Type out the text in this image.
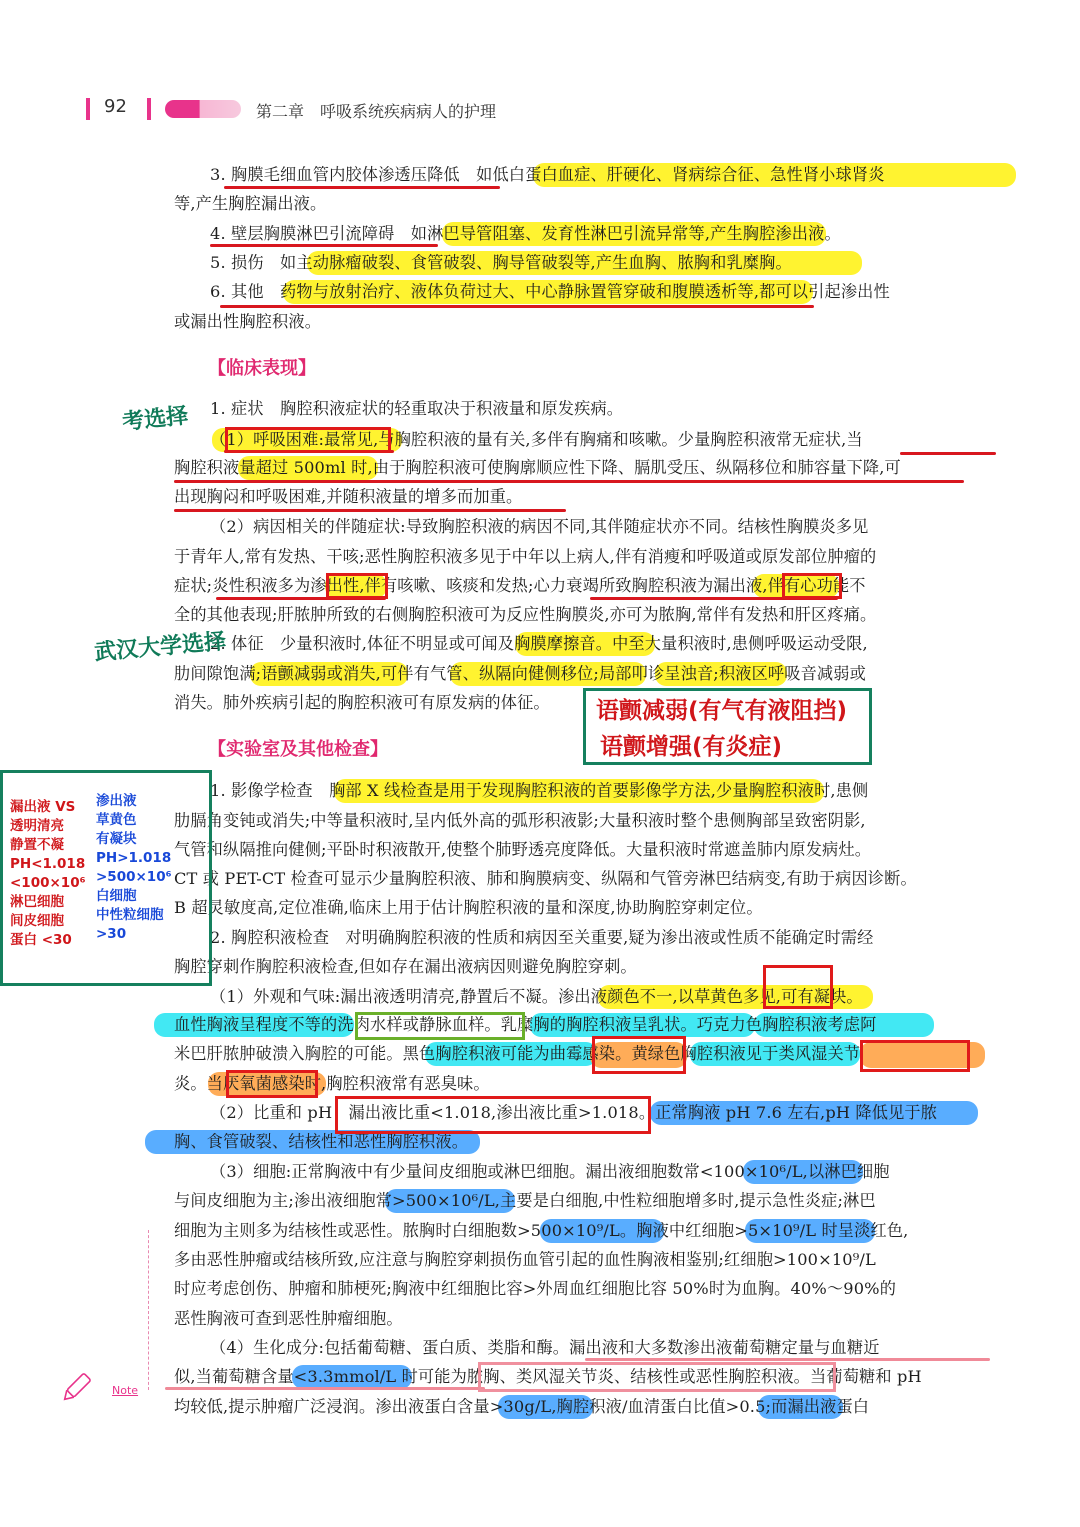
92	第二章　呼吸系统疾病病人的护理
3. 胸膜毛细血管内胶体渗透压降低　如低白蛋白血症、肝硬化、肾病综合征、急性肾小球肾炎
等,产生胸腔漏出液。
4. 壁层胸膜淋巴引流障碍　如淋巴导管阻塞、发育性淋巴引流异常等,产生胸腔渗出液。
5. 损伤　如主动脉瘤破裂、食管破裂、胸导管破裂等,产生血胸、脓胸和乳糜胸。
6. 其他　药物与放射治疗、液体负荷过大、中心静脉置管穿破和腹膜透析等,都可以引起渗出性
或漏出性胸腔积液。
【临床表现】
1. 症状　胸腔积液症状的轻重取决于积液量和原发疾病。
（1）呼吸困难:最常见,与胸腔积液的量有关,多伴有胸痛和咳嗽。少量胸腔积液常无症状,当
胸腔积液量超过 500ml 时,由于胸腔积液可使胸廓顺应性下降、膈肌受压、纵隔移位和肺容量下降,可
出现胸闷和呼吸困难,并随积液量的增多而加重。
（2）病因相关的伴随症状:导致胸腔积液的病因不同,其伴随症状亦不同。结核性胸膜炎多见
于青年人,常有发热、干咳;恶性胸腔积液多见于中年以上病人,伴有消瘦和呼吸道或原发部位肿瘤的
症状;炎性积液多为渗出性,伴有咳嗽、咳痰和发热;心力衰竭所致胸腔积液为漏出液,伴有心功能不
全的其他表现;肝脓肿所致的右侧胸腔积液可为反应性胸膜炎,亦可为脓胸,常伴有发热和肝区疼痛。
2. 体征　少量积液时,体征不明显或可闻及胸膜摩擦音。中至大量积液时,患侧呼吸运动受限,
肋间隙饱满;语颤减弱或消失,可伴有气管、纵隔向健侧移位;局部叩诊呈浊音;积液区呼吸音减弱或
消失。肺外疾病引起的胸腔积液可有原发病的体征。
【实验室及其他检查】
1. 影像学检查　胸部 X 线检查是用于发现胸腔积液的首要影像学方法,少量胸腔积液时,患侧
肋膈角变钝或消失;中等量积液时,呈内低外高的弧形积液影;大量积液时整个患侧胸部呈致密阴影,
气管和纵隔推向健侧;平卧时积液散开,使整个肺野透亮度降低。大量积液时常遮盖肺内原发病灶。
CT 或 PET-CT 检查可显示少量胸腔积液、肺和胸膜病变、纵隔和气管旁淋巴结病变,有助于病因诊断。
B 超灵敏度高,定位准确,临床上用于估计胸腔积液的量和深度,协助胸腔穿刺定位。
2. 胸腔积液检查　对明确胸腔积液的性质和病因至关重要,疑为渗出液或性质不能确定时需经
胸腔穿刺作胸腔积液检查,但如存在漏出液病因则避免胸腔穿刺。
（1）外观和气味:漏出液透明清亮,静置后不凝。渗出液颜色不一,以草黄色多见,可有凝块。
血性胸液呈程度不等的洗肉水样或静脉血样。乳糜胸的胸腔积液呈乳状。巧克力色胸腔积液考虑阿
米巴肝脓肿破溃入胸腔的可能。黑色胸腔积液可能为曲霉感染。黄绿色胸腔积液见于类风湿关节
炎。当厌氧菌感染时,胸腔积液常有恶臭味。
（2）比重和 pH　漏出液比重<1.018,渗出液比重>1.018。正常胸液 pH 7.6 左右,pH 降低见于脓
胸、食管破裂、结核性和恶性胸腔积液。
（3）细胞:正常胸液中有少量间皮细胞或淋巴细胞。漏出液细胞数常<100×10⁶/L,以淋巴细胞
与间皮细胞为主;渗出液细胞常>500×10⁶/L,主要是白细胞,中性粒细胞增多时,提示急性炎症;淋巴
细胞为主则多为结核性或恶性。脓胸时白细胞数>500×10⁹/L。胸液中红细胞>5×10⁹/L 时呈淡红色,
多由恶性肿瘤或结核所致,应注意与胸腔穿刺损伤血管引起的血性胸液相鉴别;红细胞>100×10⁹/L
时应考虑创伤、肿瘤和肺梗死;胸液中红细胞比容>外周血红细胞比容 50%时为血胸。40%～90%的
恶性胸液可查到恶性肿瘤细胞。
（4）生化成分:包括葡萄糖、蛋白质、类脂和酶。漏出液和大多数渗出液葡萄糖定量与血糖近
似,当葡萄糖含量<3.3mmol/L 时可能为脓胸、类风湿关节炎、结核性或恶性胸腔积液。当葡萄糖和 pH
均较低,提示肿瘤广泛浸润。渗出液蛋白含量>30g/L,胸腔积液/血清蛋白比值>0.5;而漏出液蛋白
考选择
武汉大学选择
语颤减弱(有气有液阻挡)
语颤增强(有炎症)
漏出液 VS
透明清亮
静置不凝
PH<1.018
<100×10⁶
淋巴细胞
间皮细胞
蛋白 <30
渗出液
草黄色
有凝块
PH>1.018
>500×10⁶
白细胞
中性粒细胞
>30
Note
